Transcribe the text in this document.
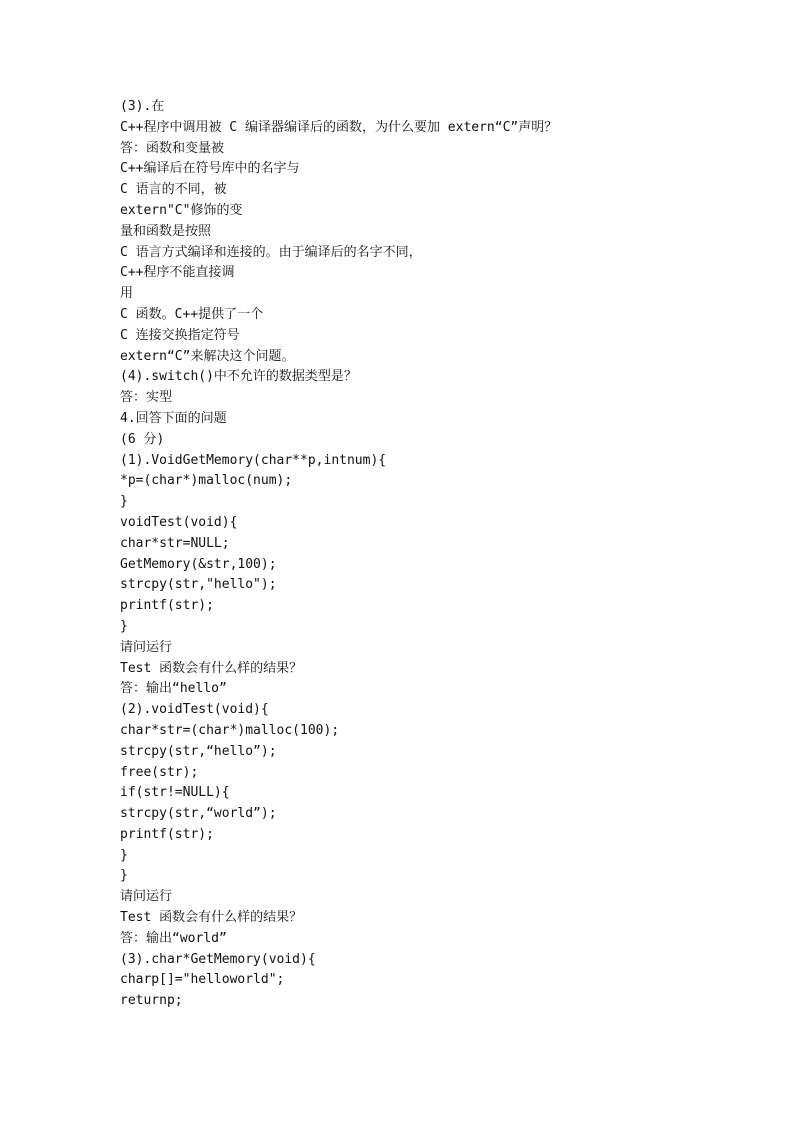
(3).在
C++程序中调用被 C 编译器编译后的函数，为什么要加 extern“C”声明？
答：函数和变量被
C++编译后在符号库中的名字与
C 语言的不同，被
extern"C"修饰的变
量和函数是按照
C 语言方式编译和连接的。由于编译后的名字不同，
C++程序不能直接调
用
C 函数。C++提供了一个
C 连接交换指定符号
extern“C”来解决这个问题。
(4).switch()中不允许的数据类型是？
答：实型
4.回答下面的问题
(6 分)
(1).VoidGetMemory(char**p,intnum){
*p=(char*)malloc(num);
}
voidTest(void){
char*str=NULL;
GetMemory(&str,100);
strcpy(str,"hello");
printf(str);
}
请问运行
Test 函数会有什么样的结果？
答：输出“hello”
(2).voidTest(void){
char*str=(char*)malloc(100);
strcpy(str,“hello”);
free(str);
if(str!=NULL){
strcpy(str,“world”);
printf(str);
}
}
请问运行
Test 函数会有什么样的结果？
答：输出“world”
(3).char*GetMemory(void){
charp[]="helloworld";
returnp;
